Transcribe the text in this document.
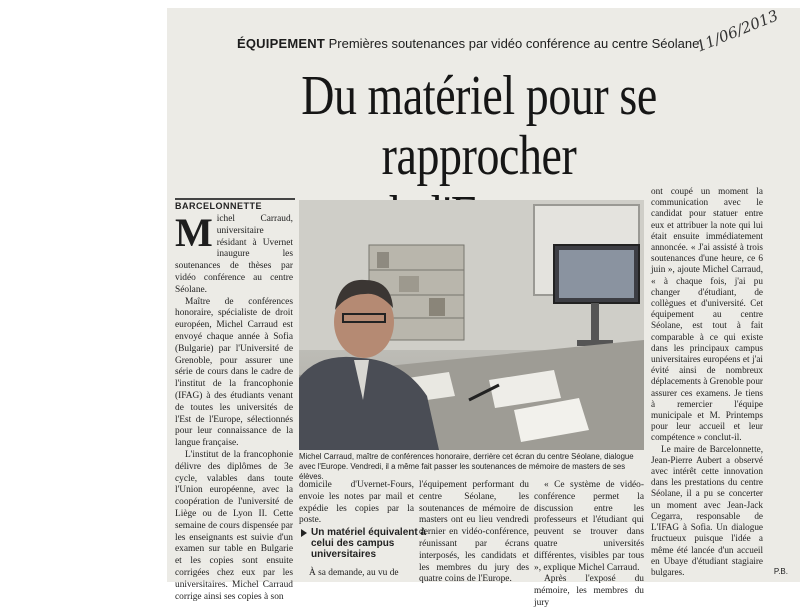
ÉQUIPEMENT Premières soutenances par vidéo conférence au centre Séolane
11/06/2013
Du matériel pour se rapprocher
BARCELONNETTE

Michel Carraud, universitaire résidant à Uvernet inaugure les soutenances de thèses par vidéo conférence au centre Séolane.

Maître de conférences honoraire, spécialiste de droit européen, Michel Carraud est envoyé chaque année à Sofia (Bulgarie) par l'Université de Grenoble, pour assurer une série de cours dans le cadre de l'institut de la francophonie (IFAG) à des étudiants venant de toutes les universités de l'Est de l'Europe, sélectionnés pour leur connaissance de la langue française.

L'institut de la francophonie délivre des diplômes de 3e cycle, valables dans toute l'Union européenne, avec la coopération de l'université de Liège ou de Lyon II. Cette semaine de cours dispensée par les enseignants est suivie d'un examen sur table en Bulgarie et les copies sont ensuite corrigées chez eux par les universitaires. Michel Carraud corrige ainsi ses copies à son

Michel Carraud, maître de conférences honoraire, derrière cet écran du centre Séolane, dialogue avec l'Europe. Vendredi, il a même fait passer les soutenances de mémoire de masters de ses élèves.

domicile d'Uvernet-Fours, envoie les notes par mail et expédie les copies par la poste.

Un matériel équivalent à celui des campus universitaires

À sa demande, au vu de

l'équipement performant du centre Séolane, les soutenances de mémoire de masters ont eu lieu vendredi dernier en vidéo-conférence, réunissant par écrans interposés, les candidats et les membres du jury des quatre coins de l'Europe.

« Ce système de vidéo-conférence permet la discussion entre les professeurs et l'étudiant qui peuvent se trouver dans quatre universités différentes, visibles par tous », explique Michel Carraud.

Après l'exposé du mémoire, les membres du jury

ont coupé un moment la communication avec le candidat pour statuer entre eux et attribuer la note qui lui était ensuite immédiatement annoncée. « J'ai assisté à trois soutenances d'une heure, ce 6 juin », ajoute Michel Carraud, « à chaque fois, j'ai pu changer d'étudiant, de collègues et d'université. Cet équipement au centre Séolane, est tout à fait comparable à ce qui existe dans les principaux campus universitaires européens et j'ai évité ainsi de nombreux déplacements à Grenoble pour assurer ces examens. Je tiens à remercier l'équipe municipale et M. Printemps pour leur accueil et leur compétence » conclut-il.

Le maire de Barcelonnette, Jean-Pierre Aubert a observé avec intérêt cette innovation dans les prestations du centre Séolane, il a pu se concerter un moment avec Jean-Jack Cegarra, responsable de L'IFAG à Sofia. Un dialogue fructueux puisque l'idée a même été lancée d'un accueil en Ubaye d'étudiant stagiaire bulgares.	P.B.
